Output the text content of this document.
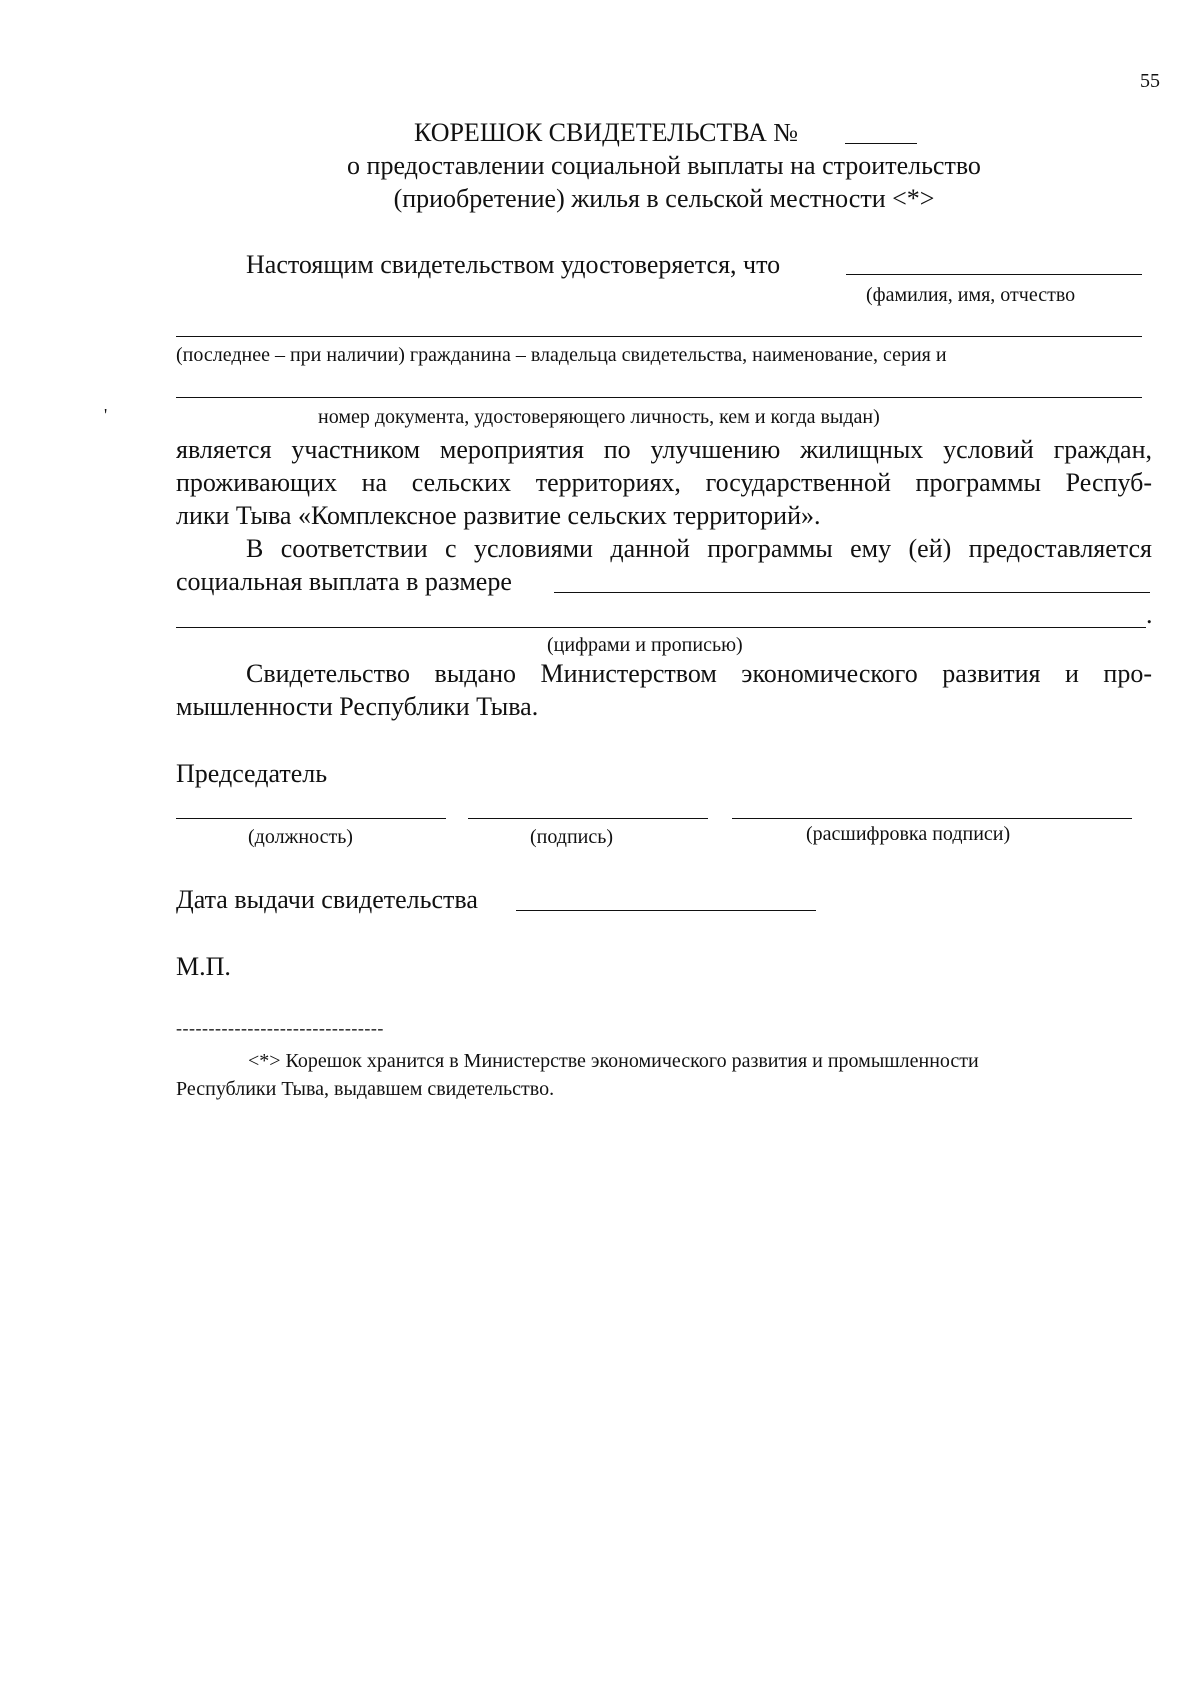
55
КОРЕШОК СВИДЕТЕЛЬСТВА №
о предоставлении социальной выплаты на строительство
(приобретение) жилья в сельской местности <*>
Настоящим свидетельством удостоверяется, что
(фамилия, имя, отчество
(последнее – при наличии) гражданина – владельца свидетельства, наименование, серия и
'	номер документа, удостоверяющего личность, кем и когда выдан)
является участником мероприятия по улучшению жилищных условий граждан,
проживающих на сельских территориях, государственной программы Респуб-
лики Тыва «Комплексное развитие сельских территорий».
В соответствии с условиями данной программы ему (ей) предоставляется
социальная выплата в размере
.
(цифрами и прописью)
Свидетельство выдано Министерством экономического развития и про-
мышленности Республики Тыва.
Председатель
(должность)	(подпись)	(расшифровка подписи)
Дата выдачи свидетельства
М.П.
--------------------------------
<*> Корешок хранится в Министерстве экономического развития и промышленности
Республики Тыва, выдавшем свидетельство.
